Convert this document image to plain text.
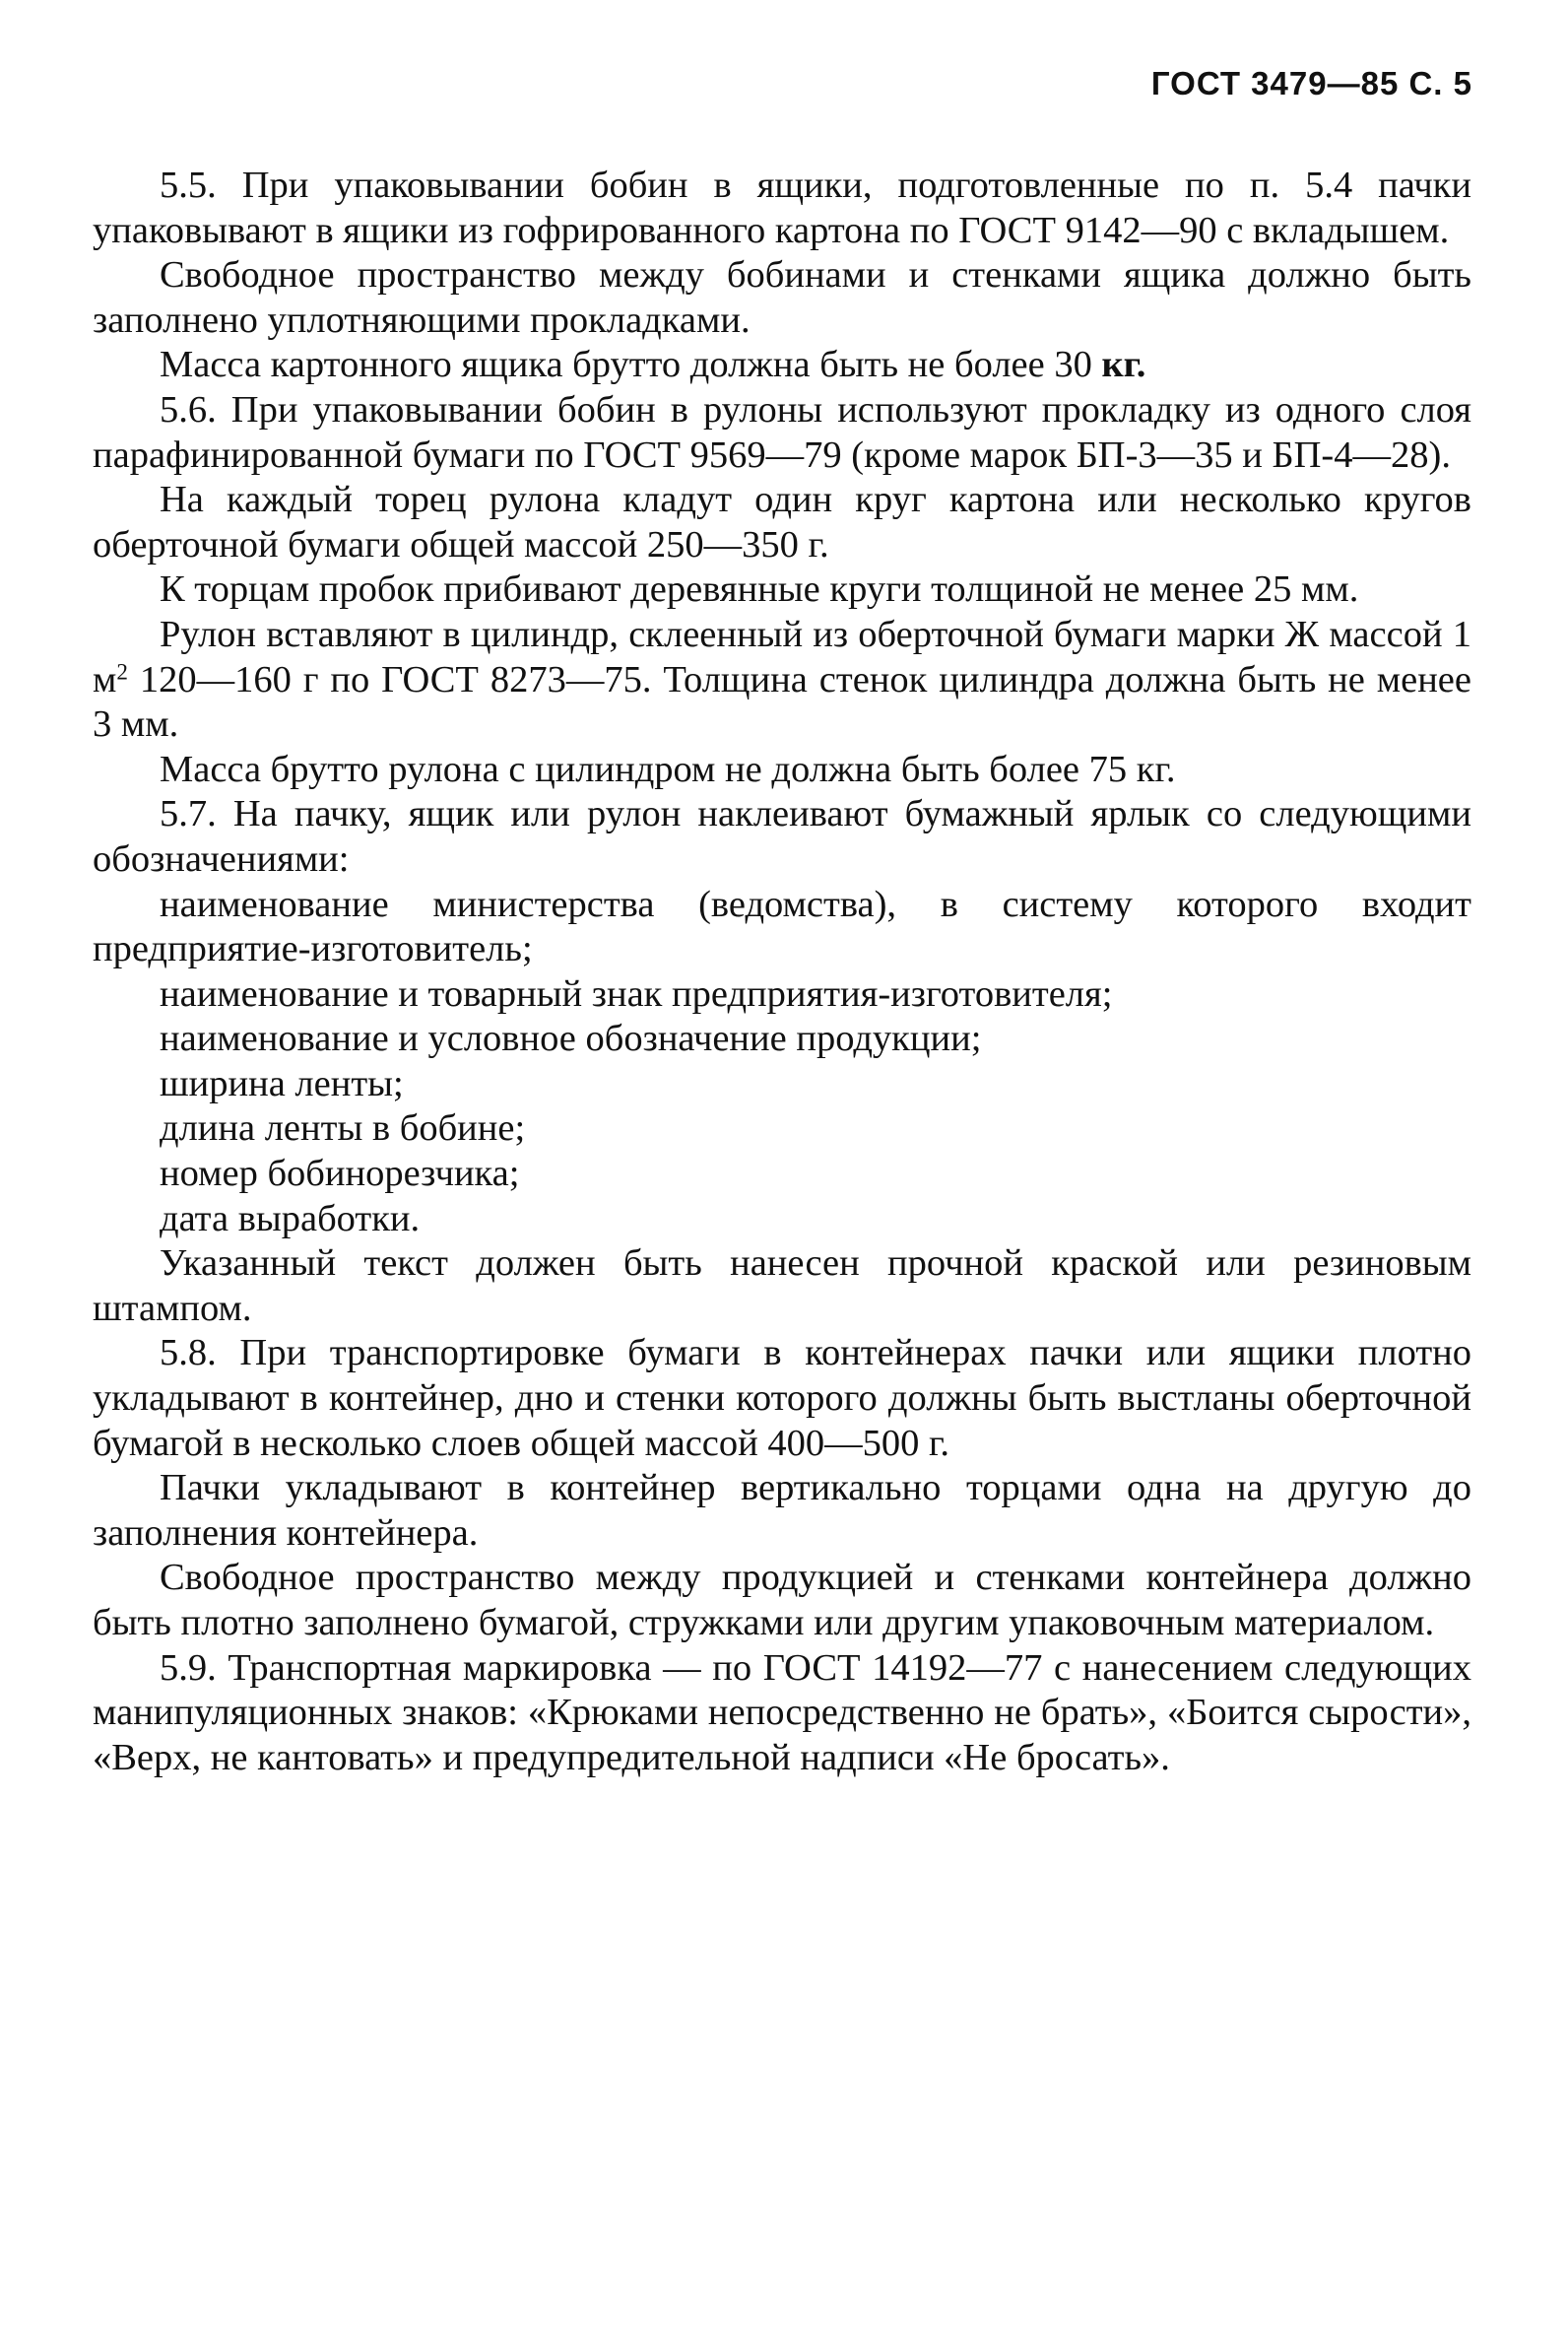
ГОСТ 3479—85 С. 5

5.5. При упаковывании бобин в ящики, подготовленные по п. 5.4 пачки упаковывают в ящики из гофрированного картона по ГОСТ 9142—90 с вкладышем.

Свободное пространство между бобинами и стенками ящика должно быть заполнено уплотняющими прокладками.

Масса картонного ящика брутто должна быть не более 30 кг.

5.6. При упаковывании бобин в рулоны используют прокладку из одного слоя парафинированной бумаги по ГОСТ 9569—79 (кроме марок БП-3—35 и БП-4—28).

На каждый торец рулона кладут один круг картона или несколько кругов оберточной бумаги общей массой 250—350 г.

К торцам пробок прибивают деревянные круги толщиной не менее 25 мм.

Рулон вставляют в цилиндр, склеенный из оберточной бумаги марки Ж массой 1 $м^2$ 120—160 г по ГОСТ 8273—75. Толщина стенок цилиндра должна быть не менее 3 мм.

Масса брутто рулона с цилиндром не должна быть более 75 кг.

5.7. На пачку, ящик или рулон наклеивают бумажный ярлык со следующими обозначениями:

наименование министерства (ведомства), в систему которого входит предприятие-изготовитель;

наименование и товарный знак предприятия-изготовителя;

наименование и условное обозначение продукции;

ширина ленты;

длина ленты в бобине;

номер бобинорезчика;

дата выработки.

Указанный текст должен быть нанесен прочной краской или резиновым штампом.

5.8. При транспортировке бумаги в контейнерах пачки или ящики плотно укладывают в контейнер, дно и стенки которого должны быть выстланы оберточной бумагой в несколько слоев общей массой 400—500 г.

Пачки укладывают в контейнер вертикально торцами одна на другую до заполнения контейнера.

Свободное пространство между продукцией и стенками контейнера должно быть плотно заполнено бумагой, стружками или другим упаковочным материалом.

5.9. Транспортная маркировка — по ГОСТ 14192—77 с нанесением следующих манипуляционных знаков: «Крюками непосредственно не брать», «Боится сырости», «Верх, не кантовать» и предупредительной надписи «Не бросать».
